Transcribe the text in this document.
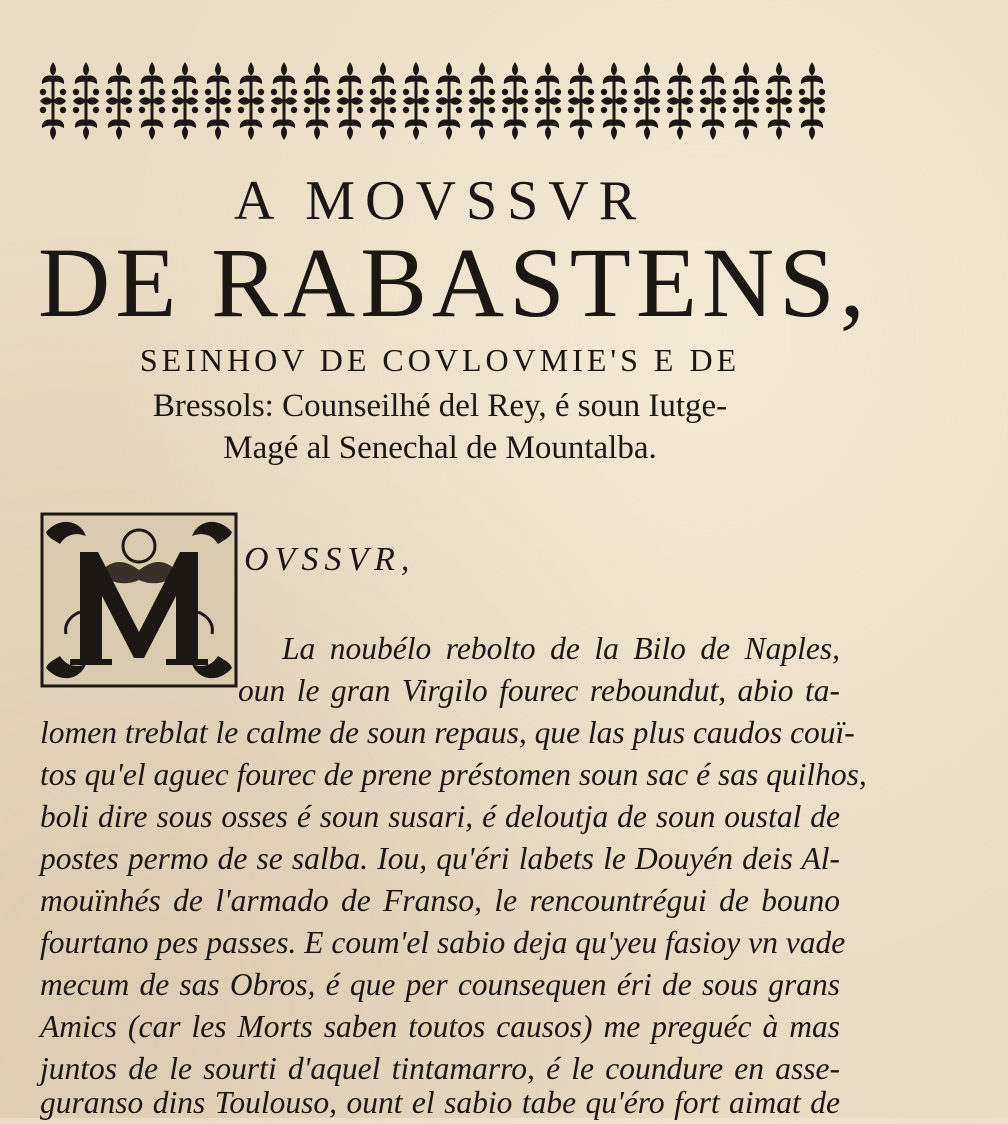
A MOVSSVR
DE RABASTENS,
SEINHOV DE COVLOVMIE'S E DE
Bressols: Counseilhé del Rey, é soun Iutge-
Magé al Senechal de Mountalba.
OVSSVR,
La noubélo rebolto de la Bilo de Naples,
oun le gran Virgilo fourec reboundut, abio ta-
lomen treblat le calme de soun repaus, que las plus caudos couï-
tos qu'el aguec fourec de prene préstomen soun sac é sas quilhos,
boli dire sous osses é soun susari, é deloutja de soun oustal de
postes permo de se salba. Iou, qu'éri labets le Douyén deis Al-
mouïnhés de l'armado de Franso, le rencountrégui de bouno
fourtano pes passes. E coum'el sabio deja qu'yeu fasioy vn vade
mecum de sas Obros, é que per counsequen éri de sous grans
Amics (car les Morts saben toutos causos) me preguéc à mas
juntos de le sourti d'aquel tintamarro, é le coundure en asse-
guranso dins Toulouso, ount el sabio tabe qu'éro fort aimat de
